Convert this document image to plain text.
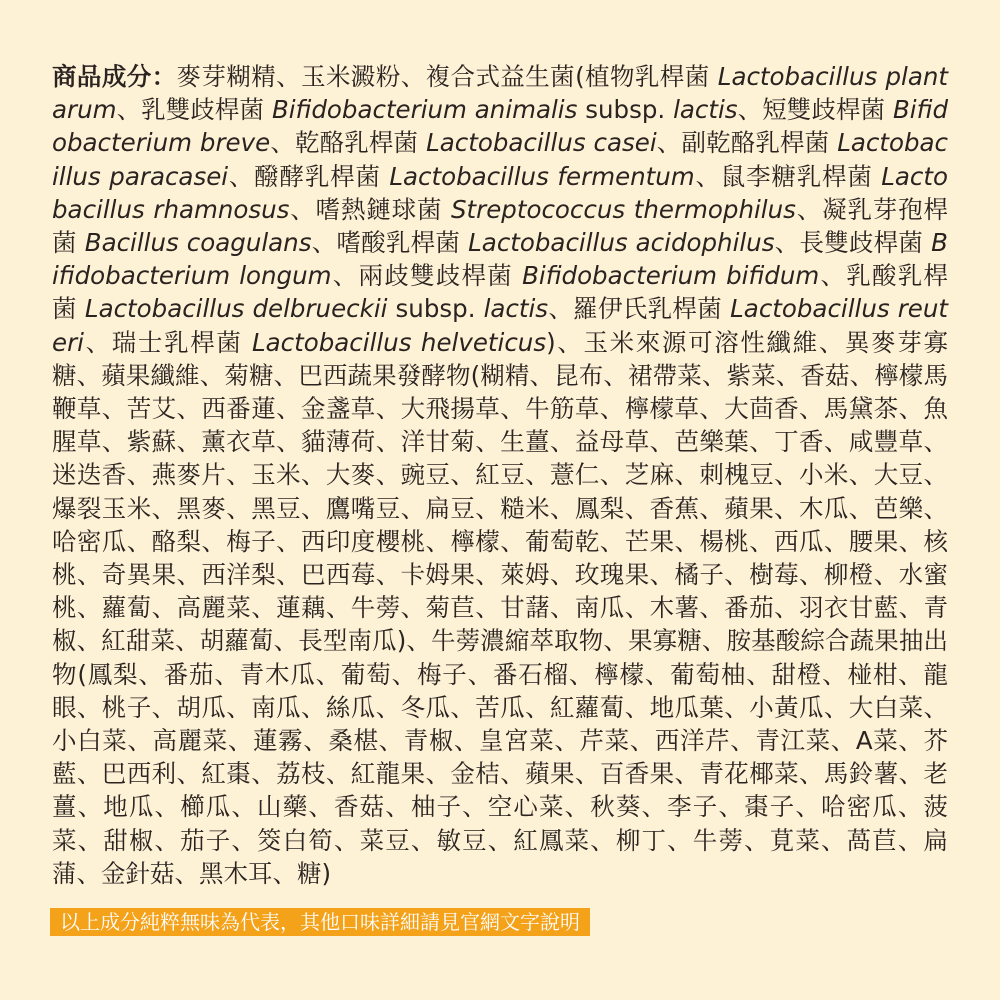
商品成分：麥芽糊精、玉米澱粉、複合式益生菌(植物乳桿菌 Lactobacillus plantarum、乳雙歧桿菌 Bifidobacterium animalis subsp. lactis、短雙歧桿菌 Bifidobacterium breve、乾酪乳桿菌 Lactobacillus casei、副乾酪乳桿菌 Lactobacillus paracasei、醱酵乳桿菌 Lactobacillus fermentum、鼠李糖乳桿菌 Lactobacillus rhamnosus、嗜熱鏈球菌 Streptococcus thermophilus、凝乳芽孢桿菌 Bacillus coagulans、嗜酸乳桿菌 Lactobacillus acidophilus、長雙歧桿菌 Bifidobacterium longum、兩歧雙歧桿菌 Bifidobacterium bifidum、乳酸乳桿菌 Lactobacillus delbrueckii subsp. lactis、羅伊氏乳桿菌 Lactobacillus reuteri、瑞士乳桿菌 Lactobacillus helveticus)、玉米來源可溶性纖維、異麥芽寡糖、蘋果纖維、菊糖、巴西蔬果發酵物(糊精、昆布、裙帶菜、紫菜、香菇、檸檬馬鞭草、苦艾、西番蓮、金盞草、大飛揚草、牛筋草、檸檬草、大茴香、馬黛茶、魚腥草、紫蘇、薰衣草、貓薄荷、洋甘菊、生薑、益母草、芭樂葉、丁香、咸豐草、迷迭香、燕麥片、玉米、大麥、豌豆、紅豆、薏仁、芝麻、刺槐豆、小米、大豆、爆裂玉米、黑麥、黑豆、鷹嘴豆、扁豆、糙米、鳳梨、香蕉、蘋果、木瓜、芭樂、哈密瓜、酪梨、梅子、西印度櫻桃、檸檬、葡萄乾、芒果、楊桃、西瓜、腰果、核桃、奇異果、西洋梨、巴西莓、卡姆果、萊姆、玫瑰果、橘子、樹莓、柳橙、水蜜桃、蘿蔔、高麗菜、蓮藕、牛蒡、菊苣、甘藷、南瓜、木薯、番茄、羽衣甘藍、青椒、紅甜菜、胡蘿蔔、長型南瓜)、牛蒡濃縮萃取物、果寡糖、胺基酸綜合蔬果抽出物(鳳梨、番茄、青木瓜、葡萄、梅子、番石榴、檸檬、葡萄柚、甜橙、椪柑、龍眼、桃子、胡瓜、南瓜、絲瓜、冬瓜、苦瓜、紅蘿蔔、地瓜葉、小黃瓜、大白菜、小白菜、高麗菜、蓮霧、桑椹、青椒、皇宮菜、芹菜、西洋芹、青江菜、A菜、芥藍、巴西利、紅棗、荔枝、紅龍果、金桔、蘋果、百香果、青花椰菜、馬鈴薯、老薑、地瓜、櫛瓜、山藥、香菇、柚子、空心菜、秋葵、李子、棗子、哈密瓜、菠菜、甜椒、茄子、筊白筍、菜豆、敏豆、紅鳳菜、柳丁、牛蒡、莧菜、萵苣、扁蒲、金針菇、黑木耳、糖)

以上成分純粹無味為代表，其他口味詳細請見官網文字說明
